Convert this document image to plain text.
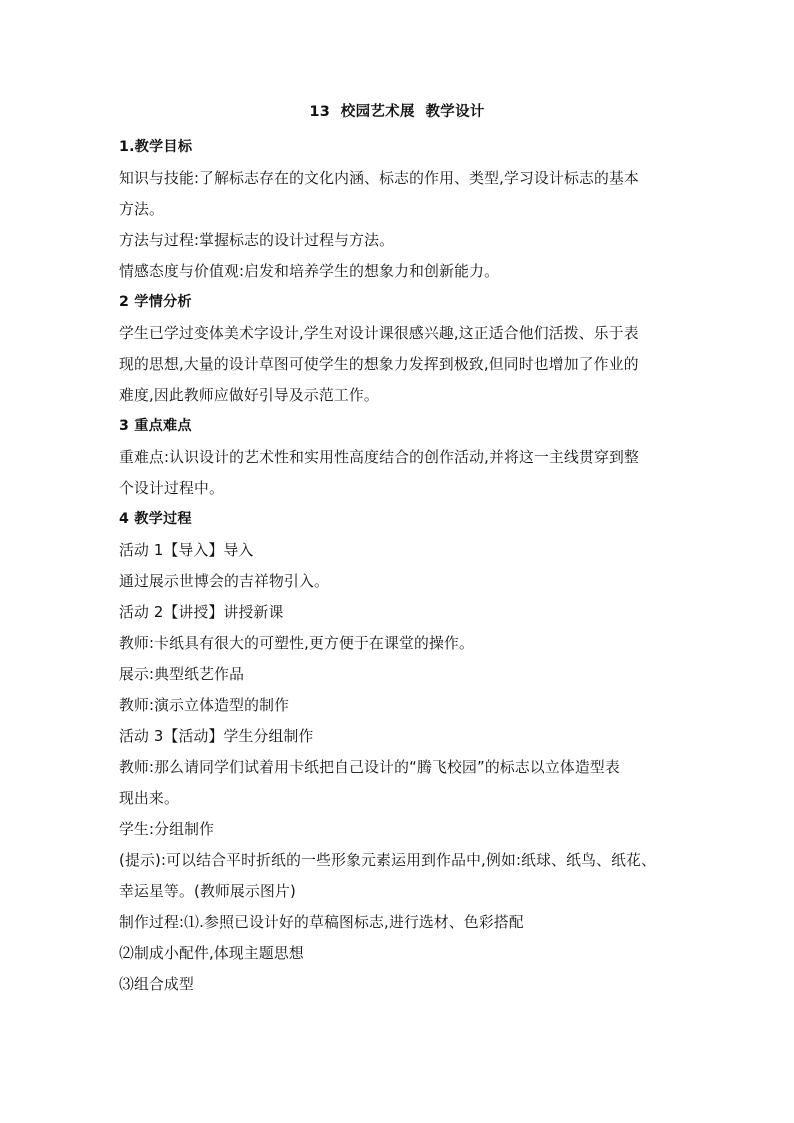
13  校园艺术展  教学设计
1.教学目标
知识与技能:了解标志存在的文化内涵、标志的作用、类型,学习设计标志的基本
方法。
方法与过程:掌握标志的设计过程与方法。
情感态度与价值观:启发和培养学生的想象力和创新能力。
2 学情分析
学生已学过变体美术字设计,学生对设计课很感兴趣,这正适合他们活拨、乐于表
现的思想,大量的设计草图可使学生的想象力发挥到极致,但同时也增加了作业的
难度,因此教师应做好引导及示范工作。
3 重点难点
重难点:认识设计的艺术性和实用性高度结合的创作活动,并将这一主线贯穿到整
个设计过程中。
4 教学过程
活动 1【导入】导入
通过展示世博会的吉祥物引入。
活动 2【讲授】讲授新课
教师:卡纸具有很大的可塑性,更方便于在课堂的操作。
展示:典型纸艺作品
教师:演示立体造型的制作
活动 3【活动】学生分组制作
教师:那么请同学们试着用卡纸把自己设计的“腾飞校园”的标志以立体造型表
现出来。
学生:分组制作
(提示):可以结合平时折纸的一些形象元素运用到作品中,例如:纸球、纸鸟、纸花、
幸运星等。(教师展示图片)
制作过程:⑴.参照已设计好的草稿图标志,进行选材、色彩搭配
⑵制成小配件,体现主题思想
⑶组合成型
